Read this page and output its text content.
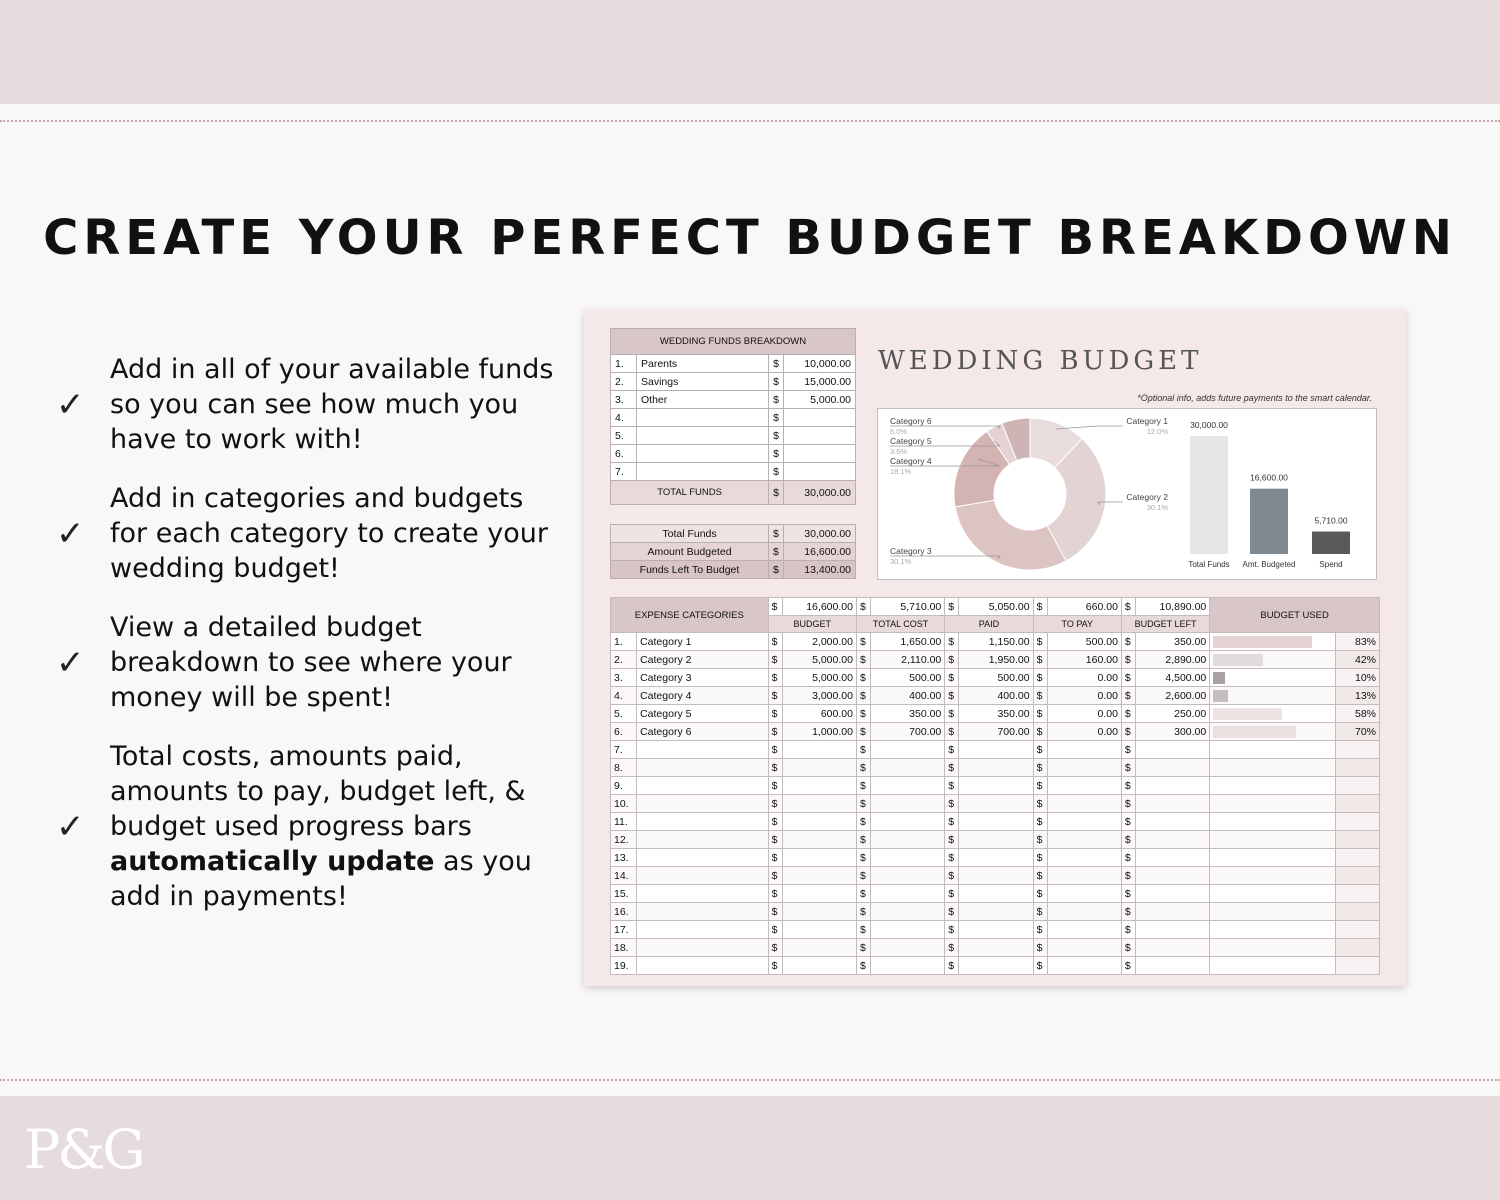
CREATE YOUR PERFECT BUDGET BREAKDOWN
✓

Add in all of your available funds so you can see how much you have to work with!

✓

Add in categories and budgets for each category to create your wedding budget!

✓

View a detailed budget breakdown to see where your money will be spent!

✓

Total costs, amounts paid, amounts to pay, budget left, & budget used progress bars automatically update as you add in payments!

WEDDING FUNDS BREAKDOWN			
1.	Parents	$	10,000.00
2.	Savings	$	15,000.00
3.	Other	$	5,000.00
4.		$	
5.		$	
6.		$	
7.		$	
TOTAL FUNDS		$	30,000.00
Total Funds	$	30,000.00
Amount Budgeted	$	16,600.00
Funds Left To Budget	$	13,400.00
WEDDING BUDGET
*Optional info, adds future payments to the smart calendar.
Category 6
6.0%
Category 5
3.6%
Category 4
18.1%
Category 1
12.0%
Category 2
30.1%
Category 3
30.1%
30,000.00
Total Funds
16,600.00
Amt. Budgeted
5,710.00
Spend
EXPENSE CATEGORIES		$	16,600.00	$	5,710.00	$	5,050.00	$	660.00	$	10,890.00	BUDGET USED	
		BUDGET		TOTAL COST		PAID		TO PAY		BUDGET LEFT			
1.	Category 1	$	2,000.00	$	1,650.00	$	1,150.00	$	500.00	$	350.00		83%
2.	Category 2	$	5,000.00	$	2,110.00	$	1,950.00	$	160.00	$	2,890.00		42%
3.	Category 3	$	5,000.00	$	500.00	$	500.00	$	0.00	$	4,500.00		10%
4.	Category 4	$	3,000.00	$	400.00	$	400.00	$	0.00	$	2,600.00		13%
5.	Category 5	$	600.00	$	350.00	$	350.00	$	0.00	$	250.00		58%
6.	Category 6	$	1,000.00	$	700.00	$	700.00	$	0.00	$	300.00		70%
7.		$		$		$		$		$			
8.		$		$		$		$		$			
9.		$		$		$		$		$			
10.		$		$		$		$		$			
11.		$		$		$		$		$			
12.		$		$		$		$		$			
13.		$		$		$		$		$			
14.		$		$		$		$		$			
15.		$		$		$		$		$			
16.		$		$		$		$		$			
17.		$		$		$		$		$			
18.		$		$		$		$		$			
19.		$		$		$		$		$			
P&G
